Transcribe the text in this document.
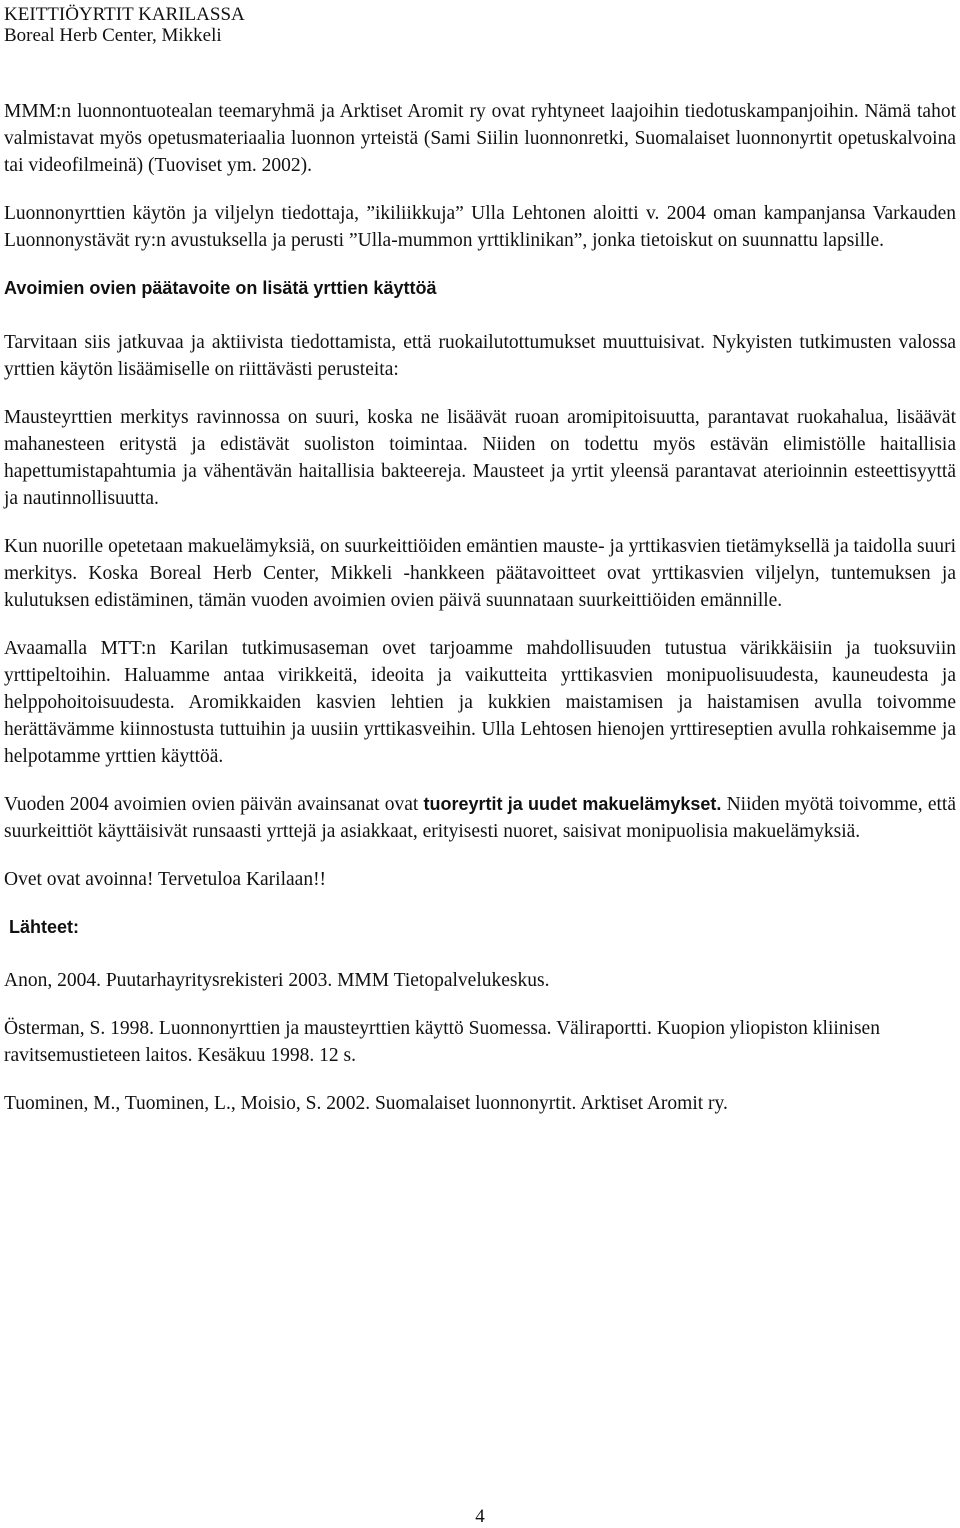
KEITTIÖYRTIT KARILASSA
Boreal Herb Center, Mikkeli

MMM:n luonnontuotealan teemaryhmä ja Arktiset Aromit ry ovat ryhtyneet laajoihin tiedotuskampanjoihin. Nämä tahot valmistavat myös opetusmateriaalia luonnon yrteistä (Sami Siilin luonnonretki, Suomalaiset luonnonyrtit opetuskalvoina tai videofilmeinä) (Tuoviset ym. 2002).

Luonnonyrttien käytön ja viljelyn tiedottaja, ”ikiliikkuja” Ulla Lehtonen aloitti v. 2004 oman kampanjansa Varkauden Luonnonystävät ry:n avustuksella ja perusti ”Ulla-mummon yrttiklinikan”, jonka tietoiskut on suunnattu lapsille.

Avoimien ovien päätavoite on lisätä yrttien käyttöä

Tarvitaan siis jatkuvaa ja aktiivista tiedottamista, että ruokailutottumukset muuttuisivat. Nykyisten tutkimusten valossa yrttien käytön lisäämiselle on riittävästi perusteita:

Mausteyrttien merkitys ravinnossa on suuri, koska ne lisäävät ruoan aromipitoisuutta, parantavat ruokahalua, lisäävät mahanesteen eritystä ja edistävät suoliston toimintaa. Niiden on todettu myös estävän elimistölle haitallisia hapettumistapahtumia ja vähentävän haitallisia bakteereja. Mausteet ja yrtit yleensä parantavat aterioinnin esteettisyyttä ja nautinnollisuutta.

Kun nuorille opetetaan makuelämyksiä, on suurkeittiöiden emäntien mauste- ja yrttikasvien tietämyksellä ja taidolla suuri merkitys. Koska Boreal Herb Center, Mikkeli -hankkeen päätavoitteet ovat yrttikasvien viljelyn, tuntemuksen ja kulutuksen edistäminen, tämän vuoden avoimien ovien päivä suunnataan suurkeittiöiden emännille.

Avaamalla MTT:n Karilan tutkimusaseman ovet tarjoamme mahdollisuuden tutustua värikkäisiin ja tuoksuviin yrttipeltoihin. Haluamme antaa virikkeitä, ideoita ja vaikutteita yrttikasvien monipuolisuudesta, kauneudesta ja helppohoitoisuudesta. Aromikkaiden kasvien lehtien ja kukkien maistamisen ja haistamisen avulla toivomme herättävämme kiinnostusta tuttuihin ja uusiin yrttikasveihin. Ulla Lehtosen hienojen yrttireseptien avulla rohkaisemme ja helpotamme yrttien käyttöä.

Vuoden 2004 avoimien ovien päivän avainsanat ovat tuoreyrtit ja uudet makuelämykset. Niiden myötä toivomme, että suurkeittiöt käyttäisivät runsaasti yrttejä ja asiakkaat, erityisesti nuoret, saisivat monipuolisia makuelämyksiä.

Ovet ovat avoinna! Tervetuloa Karilaan!!

Lähteet:

Anon, 2004. Puutarhayritysrekisteri 2003. MMM Tietopalvelukeskus.

Österman, S. 1998. Luonnonyrttien ja mausteyrttien käyttö Suomessa. Väliraportti. Kuopion yliopiston kliinisen ravitsemustieteen laitos. Kesäkuu 1998. 12 s.

Tuominen, M., Tuominen, L., Moisio, S. 2002. Suomalaiset luonnonyrtit. Arktiset Aromit ry.

4
